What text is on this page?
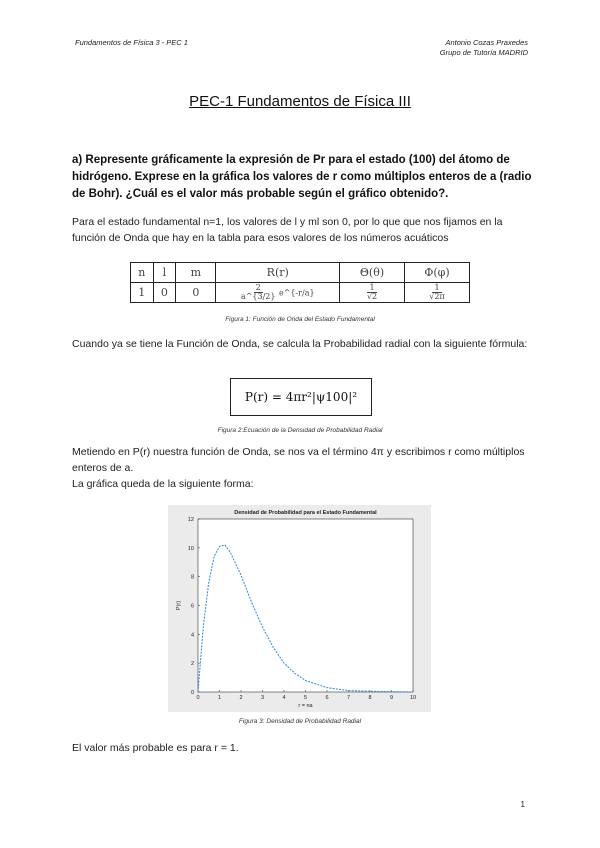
Fundamentos de Física 3 - PEC 1	Antonio Cozas Praxedes
Grupo de Tutoría MADRID
PEC-1 Fundamentos de Física III
a) Represente gráficamente la expresión de Pr para el estado (100) del átomo de hidrógeno. Exprese en la gráfica los valores de r como múltiplos enteros de a (radio de Bohr). ¿Cuál es el valor más probable según el gráfico obtenido?.
Para el estado fundamental n=1, los valores de l y ml son 0, por lo que que nos fijamos en la función de Onda que hay en la tabla para esos valores de los números acuáticos
n	l	m	R(r)	Θ(θ)	Φ(φ)
1	0	0	$\frac{2}{a\^{}\{3/2\}}$ e^{-r/a}	$\frac{1}{√2}$	$\frac{1}{√2\pi}$
Figura 1: Función de Onda del Estado Fundamental
Cuando ya se tiene la Función de Onda, se calcula la Probabilidad radial con la siguiente fórmula:
P(r) = 4πr²|ψ100|²
Figura 2:Ecuación de la Densidad de Probabilidad Radial
Metiendo en P(r) nuestra función de Onda, se nos va el término 4π y escribimos r como múltiplos enteros de a.
La gráfica queda de la siguiente forma:
Densidad de Probabilidad para el Estado Fundamental
0	1	2	3	4	5	6	7	8	9	10
0
2
4
6
8
10
12
r = na
P(r)
Figura 3: Densidad de Probabilidad Radial
El valor más probable es para r = 1.
1
